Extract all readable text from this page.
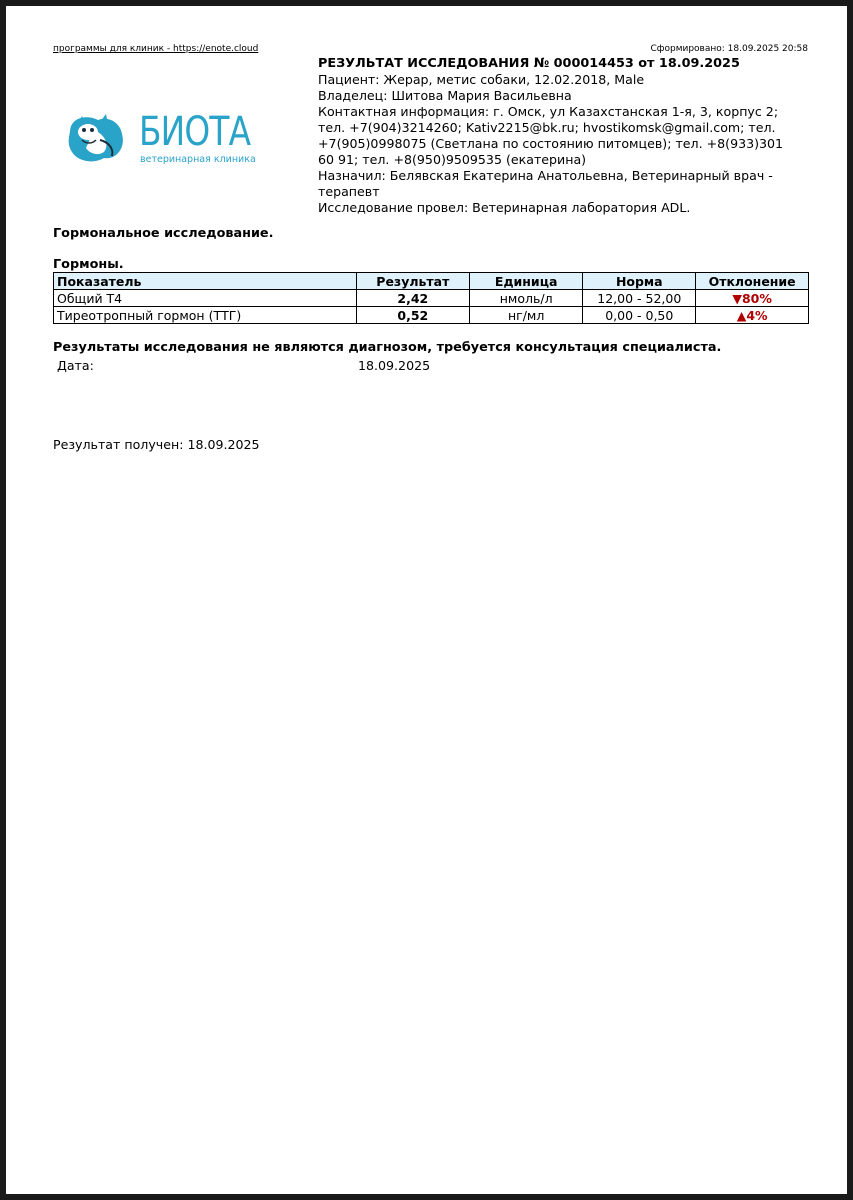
программы для клиник - https://enote.cloud	Сформировано: 18.09.2025 20:58
БИОТА
ветеринарная клиника
РЕЗУЛЬТАТ ИССЛЕДОВАНИЯ № 000014453 от 18.09.2025
Пациент: Жерар, метис собаки, 12.02.2018, Male
Владелец: Шитова Мария Васильевна
Контактная информация: г. Омск, ул Казахстанская 1-я, 3, корпус 2;
тел. +7(904)3214260; Kativ2215@bk.ru; hvostikomsk@gmail.com; тел.
+7(905)0998075 (Светлана по состоянию питомцев); тел. +8(933)301
60 91; тел. +8(950)9509535 (екатерина)
Назначил: Белявская Екатерина Анатольевна, Ветеринарный врач -
терапевт
Исследование провел: Ветеринарная лаборатория ADL.
Гормональное исследование.
Гормоны.
Показатель	Результат	Единица	Норма	Отклонение
Общий Т4	2,42	нмоль/л	12,00 - 52,00	▼80%
Тиреотропный гормон (ТТГ)	0,52	нг/мл	0,00 - 0,50	▲4%
Результаты исследования не являются диагнозом, требуется консультация специалиста.
Дата:	18.09.2025
Результат получен: 18.09.2025
